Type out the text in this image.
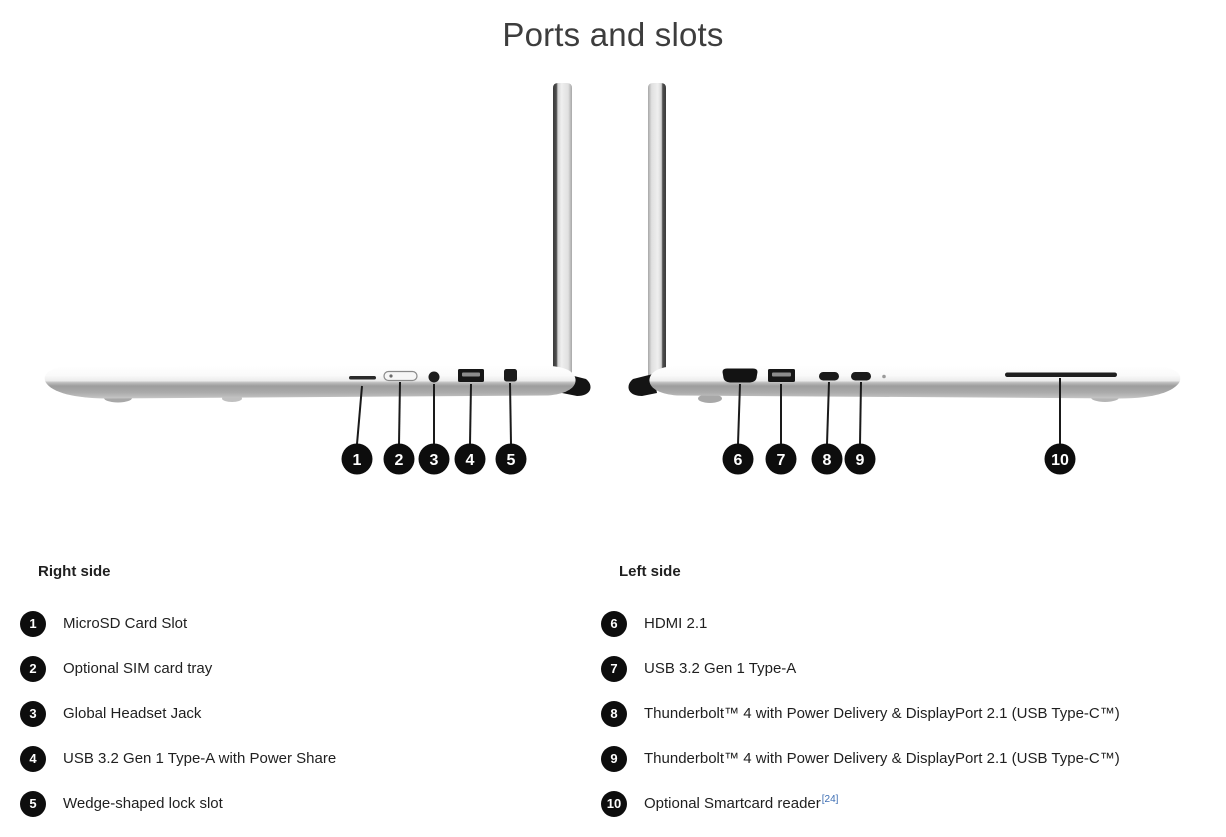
Ports and slots
1 2 3 4 5	6 7 8 9	10
Right side
1 MicroSD Card Slot
2 Optional SIM card tray
3 Global Headset Jack
4 USB 3.2 Gen 1 Type-A with Power Share
5 Wedge-shaped lock slot
Left side
6 HDMI 2.1
7 USB 3.2 Gen 1 Type-A
8 Thunderbolt™ 4 with Power Delivery & DisplayPort 2.1 (USB Type-C™)
9 Thunderbolt™ 4 with Power Delivery & DisplayPort 2.1 (USB Type-C™)
10 Optional Smartcard reader[24]
